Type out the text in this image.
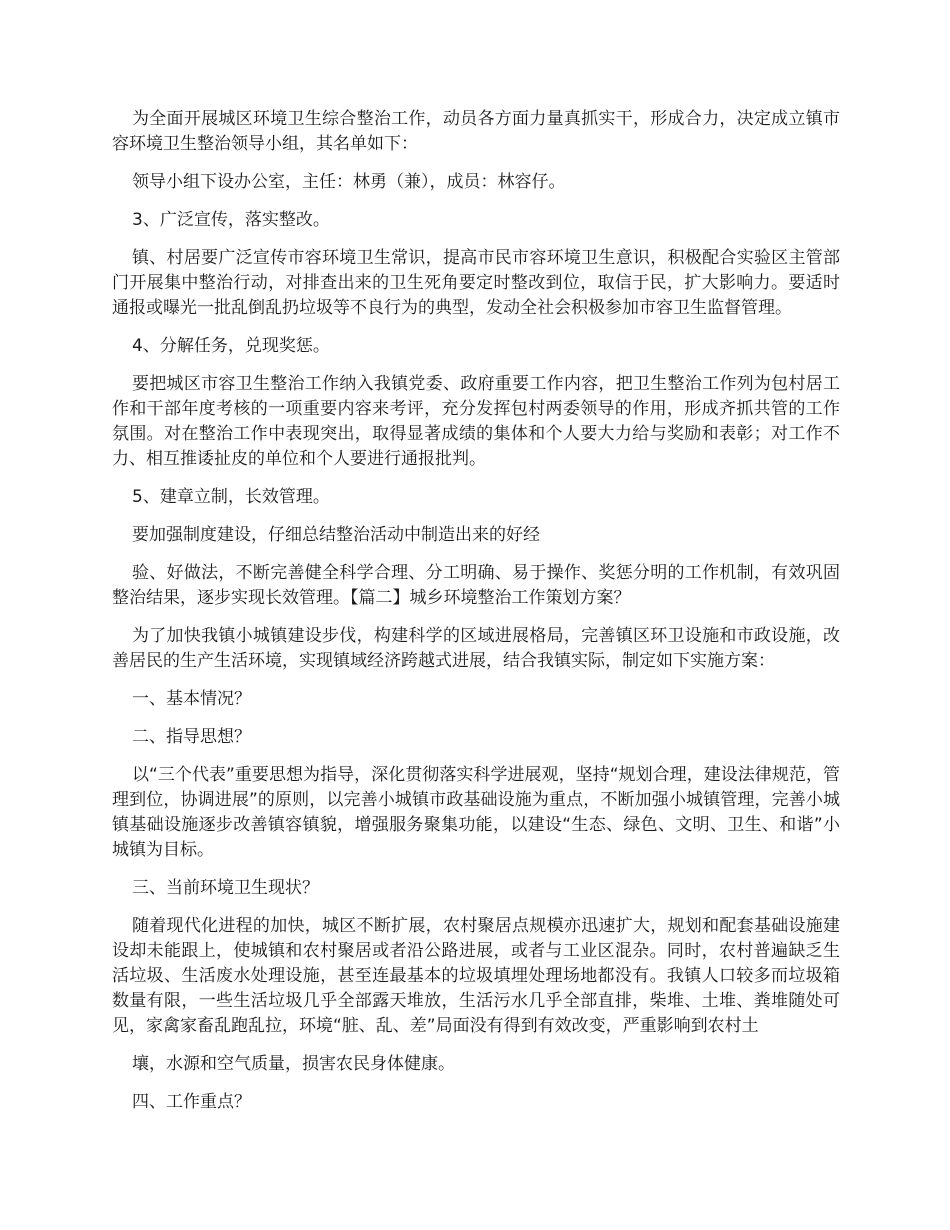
为全面开展城区环境卫生综合整治工作，动员各方面力量真抓实干，形成合力，决定成立镇市容环境卫生整治领导小组，其名单如下：

领导小组下设办公室，主任：林勇（兼），成员：林容仔。

3、广泛宣传，落实整改。

镇、村居要广泛宣传市容环境卫生常识，提高市民市容环境卫生意识，积极配合实验区主管部门开展集中整治行动，对排查出来的卫生死角要定时整改到位，取信于民，扩大影响力。要适时通报或曝光一批乱倒乱扔垃圾等不良行为的典型，发动全社会积极参加市容卫生监督管理。

4、分解任务，兑现奖惩。

要把城区市容卫生整治工作纳入我镇党委、政府重要工作内容，把卫生整治工作列为包村居工作和干部年度考核的一项重要内容来考评，充分发挥包村两委领导的作用，形成齐抓共管的工作氛围。对在整治工作中表现突出，取得显著成绩的集体和个人要大力给与奖励和表彰；对工作不力、相互推诿扯皮的单位和个人要进行通报批判。

5、建章立制，长效管理。

要加强制度建设，仔细总结整治活动中制造出来的好经

验、好做法，不断完善健全科学合理、分工明确、易于操作、奖惩分明的工作机制，有效巩固整治结果，逐步实现长效管理。【篇二】城乡环境整治工作策划方案？

为了加快我镇小城镇建设步伐，构建科学的区域进展格局，完善镇区环卫设施和市政设施，改善居民的生产生活环境，实现镇域经济跨越式进展，结合我镇实际，制定如下实施方案：

一、基本情况？

二、指导思想？

以“三个代表”重要思想为指导，深化贯彻落实科学进展观，坚持“规划合理，建设法律规范，管理到位，协调进展”的原则，以完善小城镇市政基础设施为重点，不断加强小城镇管理，完善小城镇基础设施逐步改善镇容镇貌，增强服务聚集功能，以建设“生态、绿色、文明、卫生、和谐”小城镇为目标。

三、当前环境卫生现状？

随着现代化进程的加快，城区不断扩展，农村聚居点规模亦迅速扩大，规划和配套基础设施建设却未能跟上，使城镇和农村聚居或者沿公路进展，或者与工业区混杂。同时，农村普遍缺乏生活垃圾、生活废水处理设施，甚至连最基本的垃圾填埋处理场地都没有。我镇人口较多而垃圾箱数量有限，一些生活垃圾几乎全部露天堆放，生活污水几乎全部直排，柴堆、土堆、粪堆随处可见，家禽家畜乱跑乱拉，环境“脏、乱、差”局面没有得到有效改变，严重影响到农村土

壤，水源和空气质量，损害农民身体健康。

四、工作重点？
